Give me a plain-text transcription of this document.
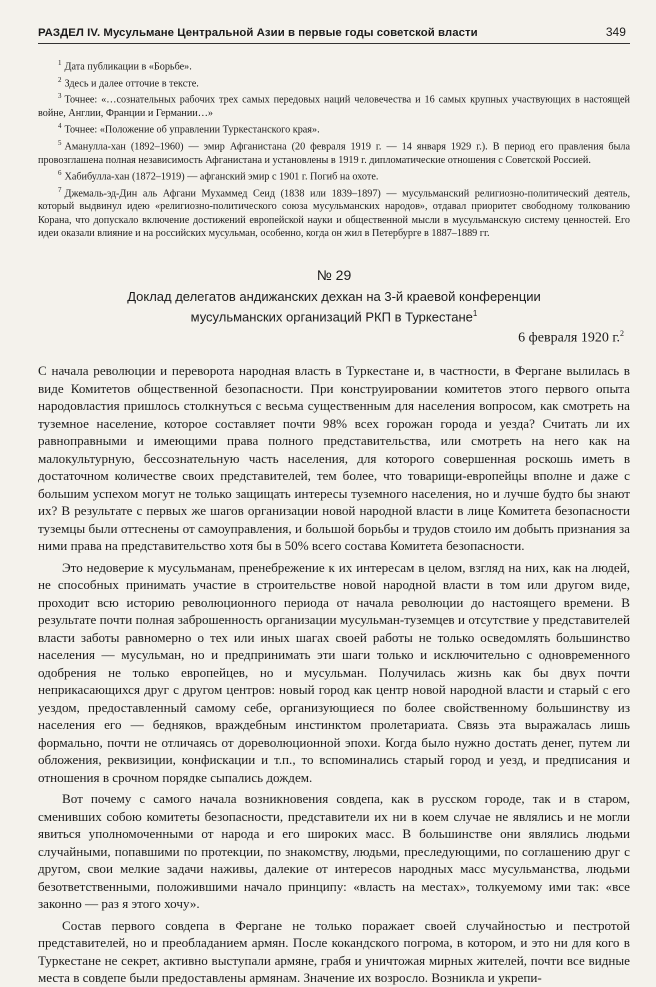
РАЗДЕЛ IV. Мусульмане Центральной Азии в первые годы советской власти	349

$^1$ Дата публикации в «Борьбе».

$^2$ Здесь и далее отточие в тексте.

$^3$ Точнее: «…сознательных рабочих трех самых передовых наций человечества и 16 самых крупных участвующих в настоящей войне, Англии, Франции и Германии…»

$^4$ Точнее: «Положение об управлении Туркестанского края».

$^5$ Аманулла-хан (1892–1960) — эмир Афганистана (20 февраля 1919 г. — 14 января 1929 г.). В период его правления была провозглашена полная независимость Афганистана и установлены в 1919 г. дипломатические отношения с Советской Россией.

$^6$ Хабибулла-хан (1872–1919) — афганский эмир с 1901 г. Погиб на охоте.

$^7$ Джемаль-эд-Дин аль Афгани Мухаммед Сеид (1838 или 1839–1897) — мусульманский религиозно-политический деятель, который выдвинул идею «религиозно-политического союза мусульманских народов», отдавал приоритет свободному толкованию Корана, что допускало включение достижений европейской науки и общественной мысли в мусульманскую систему ценностей. Его идеи оказали влияние и на российских мусульман, особенно, когда он жил в Петербурге в 1887–1889 гг.

№ 29
Доклад делегатов андижанских дехкан на 3-й краевой конференции
мусульманских организаций РКП в Туркестане$^1$
6 февраля 1920 г.$^2$

С начала революции и переворота народная власть в Туркестане и, в частности, в Фергане вылилась в виде Комитетов общественной безопасности. При конструировании комитетов этого первого опыта народовластия пришлось столкнуться с весьма существенным для населения вопросом, как смотреть на туземное население, которое составляет почти 98% всех горожан города и уезда? Считать ли их равноправными и имеющими права полного представительства, или смотреть на него как на малокультурную, бессознательную часть населения, для которого совершенная роскошь иметь в достаточном количестве своих представителей, тем более, что товарищи-европейцы вполне и даже с большим успехом могут не только защищать интересы туземного населения, но и лучше будто бы знают их? В результате с первых же шагов организации новой народной власти в лице Комитета безопасности туземцы были оттеснены от самоуправления, и большой борьбы и трудов стоило им добыть признания за ними права на представительство хотя бы в 50% всего состава Комитета безопасности.

Это недоверие к мусульманам, пренебрежение к их интересам в целом, взгляд на них, как на людей, не способных принимать участие в строительстве новой народной власти в том или другом виде, проходит всю историю революционного периода от начала революции до настоящего времени. В результате почти полная заброшенность организации мусульман-туземцев и отсутствие у представителей власти заботы равномерно о тех или иных шагах своей работы не только осведомлять большинство населения — мусульман, но и предпринимать эти шаги только и исключительно с одновременного одобрения не только европейцев, но и мусульман. Получилась жизнь как бы двух почти неприкасающихся друг с другом центров: новый город как центр новой народной власти и старый с его уездом, предоставленный самому себе, организующиеся по более свойственному большинству из населения его — бедняков, враждебным инстинктом пролетариата. Связь эта выражалась лишь формально, почти не отличаясь от дореволюционной эпохи. Когда было нужно достать денег, путем ли обложения, реквизиции, конфискации и т.п., то вспоминались старый город и уезд, и предписания и отношения в срочном порядке сыпались дождем.

Вот почему с самого начала возникновения совдепа, как в русском городе, так и в старом, сменивших собою комитеты безопасности, представители их ни в коем случае не являлись и не могли явиться уполномоченными от народа и его широких масс. В большинстве они являлись людьми случайными, попавшими по протекции, по знакомству, людьми, преследующими, по соглашению друг с другом, свои мелкие задачи наживы, далекие от интересов народных масс мусульманства, людьми безответственными, положившими начало принципу: «власть на местах», толкуемому ими так: «все законно — раз я этого хочу».

Состав первого совдепа в Фергане не только поражает своей случайностью и пестротой представителей, но и преобладанием армян. После кокандского погрома, в котором, и это ни для кого в Туркестане не секрет, активно выступали армяне, грабя и уничтожая мирных жителей, почти все видные места в совдепе были предоставлены армянам. Значение их возросло. Возникла и укрепи-
